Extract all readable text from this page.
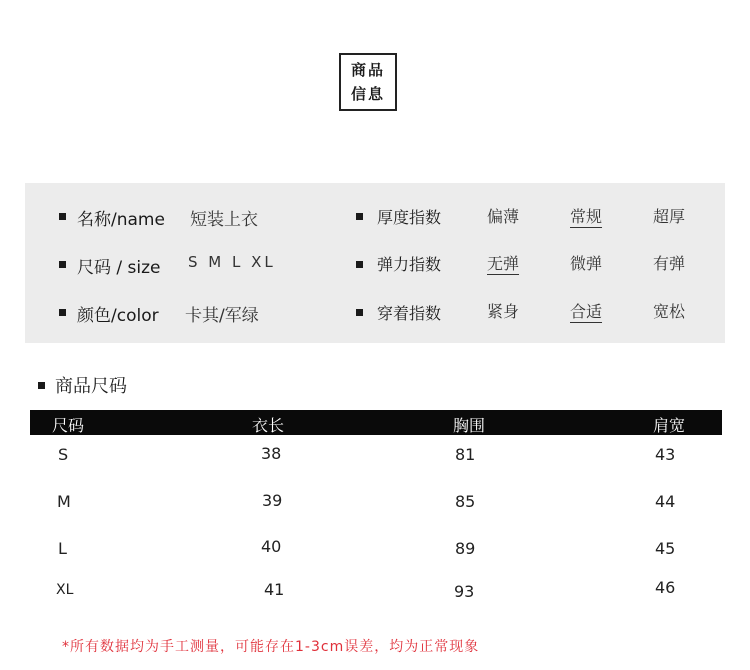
商品
信息
名称/name 短装上衣
尺码 / size S M L XL
颜色/color 卡其/军绿
厚度指数	偏薄	常规	超厚
弹力指数	无弹	微弹	有弹
穿着指数	紧身	合适	宽松
商品尺码
尺码	衣长	胸围	肩宽
S	38	81	43
M	39	85	44
L	40	89	45
XL	41	93	46
*所有数据均为手工测量，可能存在1-3cm误差，均为正常现象
